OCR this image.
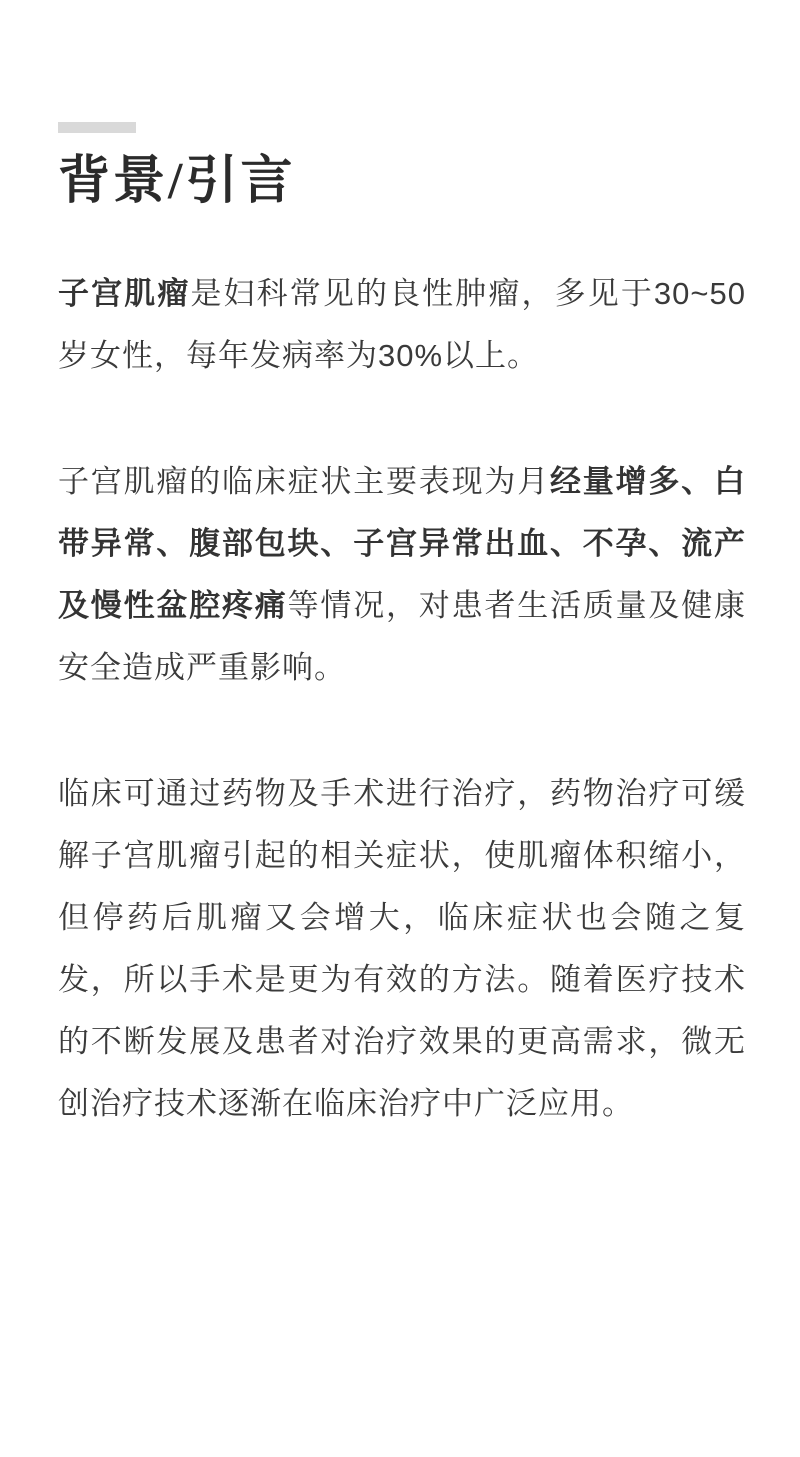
背景/引言

子宫肌瘤是妇科常见的良性肿瘤，多见于30~50岁女性，每年发病率为30%以上。

子宫肌瘤的临床症状主要表现为月经量增多、白带异常、腹部包块、子宫异常出血、不孕、流产及慢性盆腔疼痛等情况，对患者生活质量及健康安全造成严重影响。

临床可通过药物及手术进行治疗，药物治疗可缓解子宫肌瘤引起的相关症状，使肌瘤体积缩小，但停药后肌瘤又会增大，临床症状也会随之复发，所以手术是更为有效的方法。随着医疗技术的不断发展及患者对治疗效果的更高需求，微无创治疗技术逐渐在临床治疗中广泛应用。
